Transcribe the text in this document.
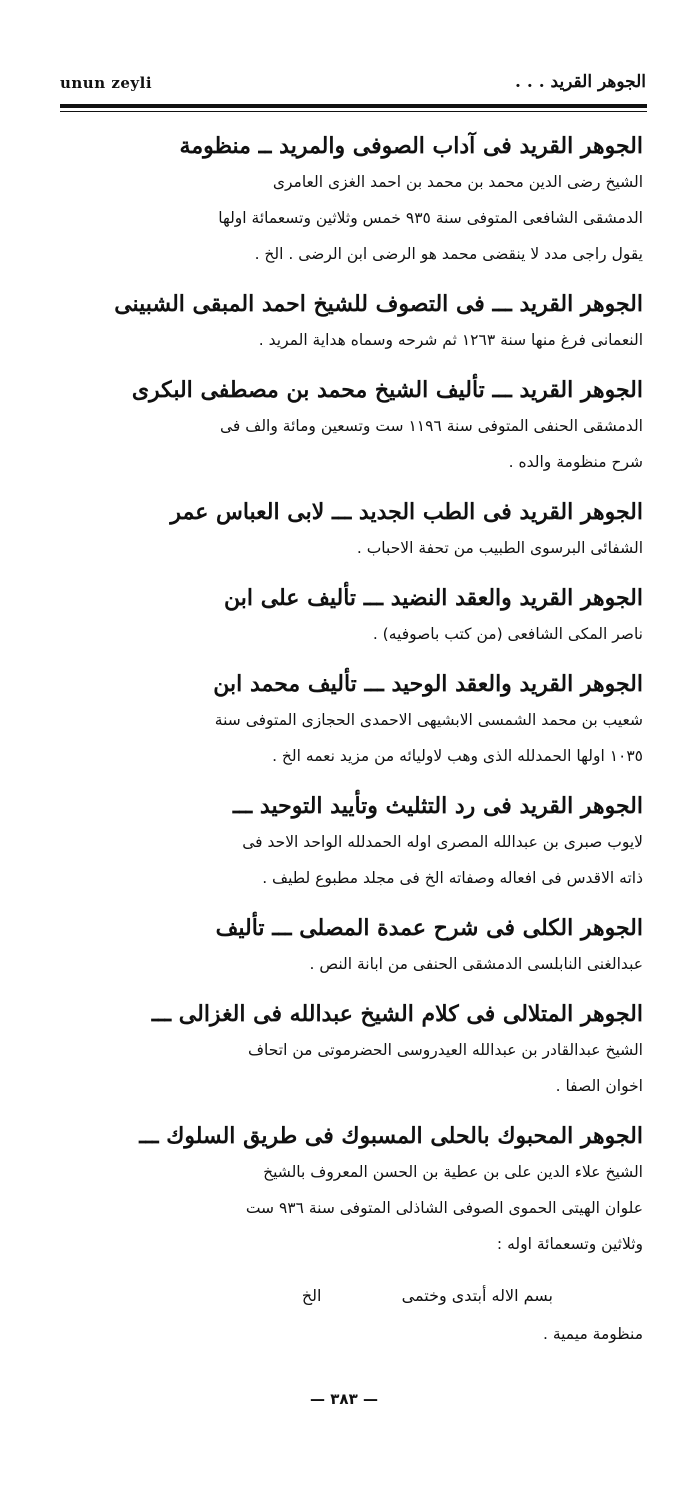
unun zeyli	الجوهر القريد . . .

الجوهر القريد فى آداب الصوفى والمريد ــ منظومة

الشيخ رضى الدين محمد بن محمد بن احمد الغزى العامرى

الدمشقى الشافعى المتوفى سنة ٩٣٥ خمس وثلاثين وتسعمائة اولها

يقول راجى مدد لا ينقضى محمد هو الرضى ابن الرضى . الخ .

الجوهر القريد ـــ فى التصوف للشيخ احمد المبقى الشبينى

النعمانى فرغ منها سنة ١٢٦٣ ثم شرحه وسماه هداية المريد .

الجوهر القريد ـــ تأليف الشيخ محمد بن مصطفى البكرى

الدمشقى الحنفى المتوفى سنة ١١٩٦ ست وتسعين ومائة والف فى

شرح منظومة والده .

الجوهر القريد فى الطب الجديد ـــ لابى العباس عمر

الشفائى البرسوى الطبيب من تحفة الاحباب .

الجوهر القريد والعقد النضيد ـــ تأليف على ابن

ناصر المكى الشافعى (من كتب باصوفيه) .

الجوهر القريد والعقد الوحيد ـــ تأليف محمد ابن

شعيب بن محمد الشمسى الابشيهى الاحمدى الحجازى المتوفى سنة

١٠٣٥ اولها الحمدلله الذى وهب لاوليائه من مزيد نعمه الخ .

الجوهر القريد فى رد التثليث وتأييد التوحيد ـــ

لايوب صبرى بن عبدالله المصرى اوله الحمدلله الواحد الاحد فى

ذاته الاقدس فى افعاله وصفاته الخ فى مجلد مطبوع لطيف .

الجوهر الكلى فى شرح عمدة المصلى ـــ تأليف

عبدالغنى النابلسى الدمشقى الحنفى من ابانة النص .

الجوهر المتلالى فى كلام الشيخ عبدالله فى الغزالى ـــ

الشيخ عبدالقادر بن عبدالله العيدروسى الحضرموتى من اتحاف

اخوان الصفا .

الجوهر المحبوك بالحلى المسبوك فى طريق السلوك ـــ

الشيخ علاء الدين على بن عطية بن الحسن المعروف بالشيخ

علوان الهيتى الحموى الصوفى الشاذلى المتوفى سنة ٩٣٦ ست

وثلاثين وتسعمائة اوله :

بسم الاله أبتدى وختمى  الخ

منظومة ميمية .

— ٣٨٣ —
